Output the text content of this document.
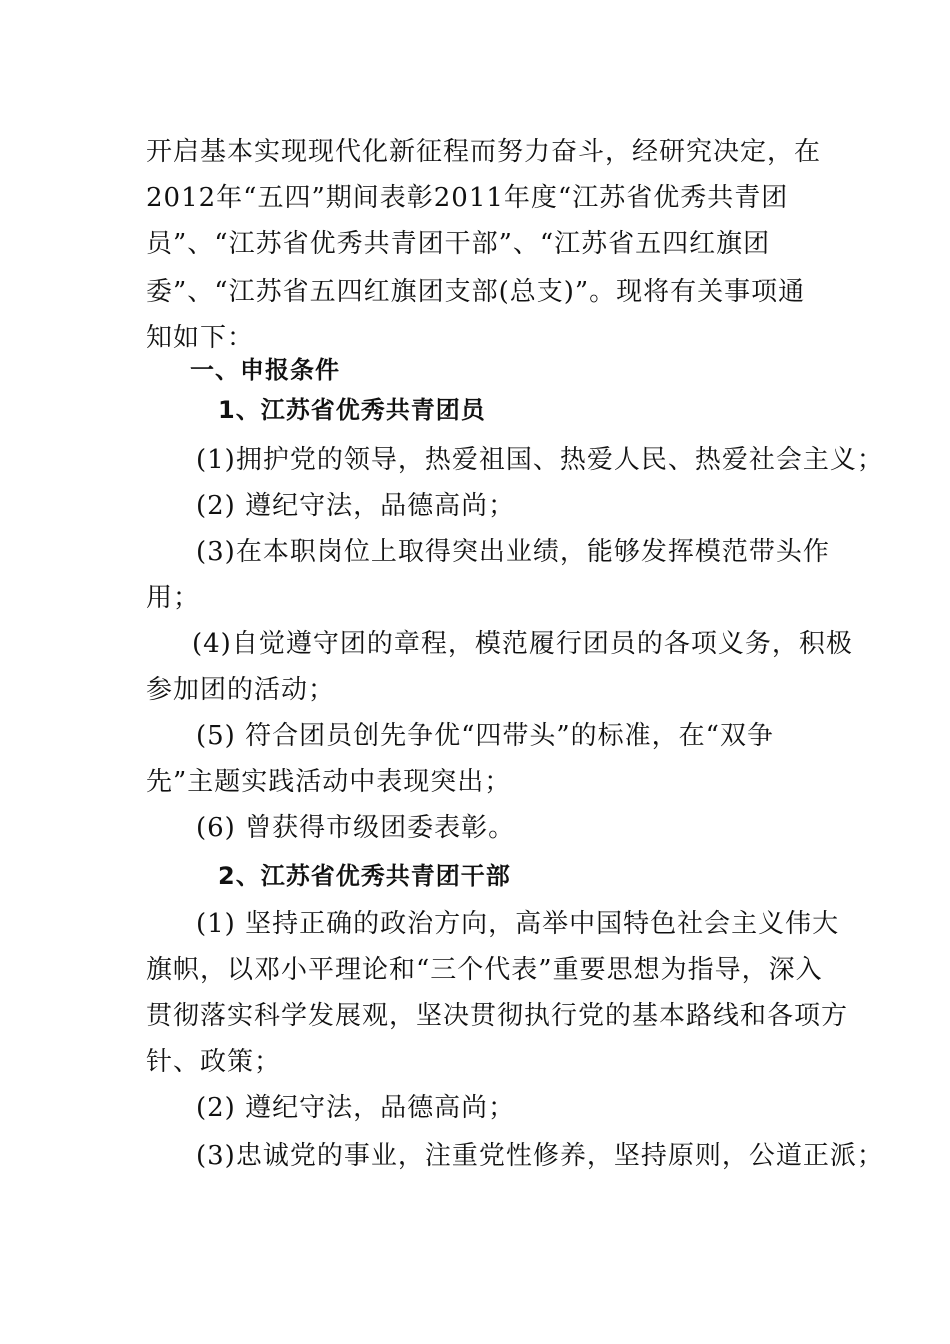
开启基本实现现代化新征程而努力奋斗，经研究决定，在
2012年“五四”期间表彰2011年度“江苏省优秀共青团
员”、“江苏省优秀共青团干部”、“江苏省五四红旗团
委”、“江苏省五四红旗团支部(总支)”。现将有关事项通
知如下：
一、申报条件
1、江苏省优秀共青团员
(1)拥护党的领导，热爱祖国、热爱人民、热爱社会主义；
(2) 遵纪守法，品德高尚；
(3)在本职岗位上取得突出业绩，能够发挥模范带头作
用；
(4)自觉遵守团的章程，模范履行团员的各项义务，积极
参加团的活动；
(5) 符合团员创先争优“四带头”的标准，在“双争
先”主题实践活动中表现突出；
(6) 曾获得市级团委表彰。
2、江苏省优秀共青团干部
(1) 坚持正确的政治方向，高举中国特色社会主义伟大
旗帜，以邓小平理论和“三个代表”重要思想为指导，深入
贯彻落实科学发展观，坚决贯彻执行党的基本路线和各项方
针、政策；
(2) 遵纪守法，品德高尚；
(3)忠诚党的事业，注重党性修养，坚持原则，公道正派；
